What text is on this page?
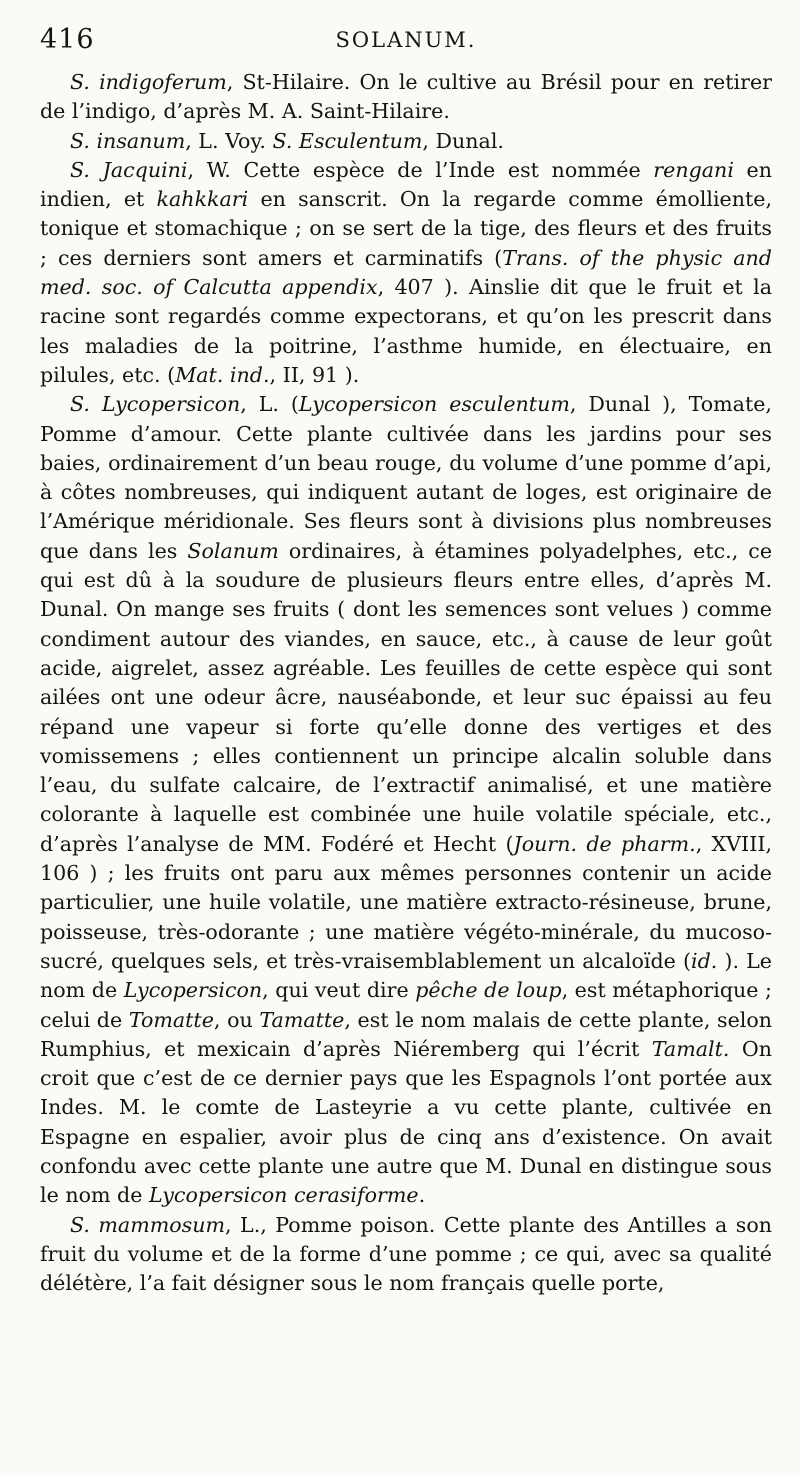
416	SOLANUM.

S. indigoferum, St-Hilaire. On le cultive au Brésil pour en retirer de l’indigo, d’après M. A. Saint-Hilaire.

S. insanum, L. Voy. S. Esculentum, Dunal.

S. Jacquini, W. Cette espèce de l’Inde est nommée rengani en indien, et kahkkari en sanscrit. On la regarde comme émolliente, tonique et stomachique ; on se sert de la tige, des fleurs et des fruits ; ces derniers sont amers et carminatifs (Trans. of the physic and med. soc. of Calcutta appendix, 407 ). Ainslie dit que le fruit et la racine sont regardés comme expectorans, et qu’on les prescrit dans les maladies de la poitrine, l’asthme humide, en électuaire, en pilules, etc. (Mat. ind., II, 91 ).

S. Lycopersicon, L. (Lycopersicon esculentum, Dunal ), Tomate, Pomme d’amour. Cette plante cultivée dans les jardins pour ses baies, ordinairement d’un beau rouge, du volume d’une pomme d’api, à côtes nombreuses, qui indiquent autant de loges, est originaire de l’Amérique méridionale. Ses fleurs sont à divisions plus nombreuses que dans les Solanum ordinaires, à étamines polyadelphes, etc., ce qui est dû à la soudure de plusieurs fleurs entre elles, d’après M. Dunal. On mange ses fruits ( dont les semences sont velues ) comme condiment autour des viandes, en sauce, etc., à cause de leur goût acide, aigrelet, assez agréable. Les feuilles de cette espèce qui sont ailées ont une odeur âcre, nauséabonde, et leur suc épaissi au feu répand une vapeur si forte qu’elle donne des vertiges et des vomissemens ; elles contiennent un principe alcalin soluble dans l’eau, du sulfate calcaire, de l’extractif animalisé, et une matière colorante à laquelle est combinée une huile volatile spéciale, etc., d’après l’analyse de MM. Fodéré et Hecht (Journ. de pharm., XVIII, 106 ) ; les fruits ont paru aux mêmes personnes contenir un acide particulier, une huile volatile, une matière extracto-résineuse, brune, poisseuse, très-odorante ; une matière végéto-minérale, du mucoso-sucré, quelques sels, et très-vraisemblablement un alcaloïde (id. ). Le nom de Lycopersicon, qui veut dire pêche de loup, est métaphorique ; celui de Tomatte, ou Tamatte, est le nom malais de cette plante, selon Rumphius, et mexicain d’après Niéremberg qui l’écrit Tamalt. On croit que c’est de ce dernier pays que les Espagnols l’ont portée aux Indes. M. le comte de Lasteyrie a vu cette plante, cultivée en Espagne en espalier, avoir plus de cinq ans d’existence. On avait confondu avec cette plante une autre que M. Dunal en distingue sous le nom de Lycopersicon cerasiforme.

S. mammosum, L., Pomme poison. Cette plante des Antilles a son fruit du volume et de la forme d’une pomme ; ce qui, avec sa qualité délétère, l’a fait désigner sous le nom français quelle porte,
